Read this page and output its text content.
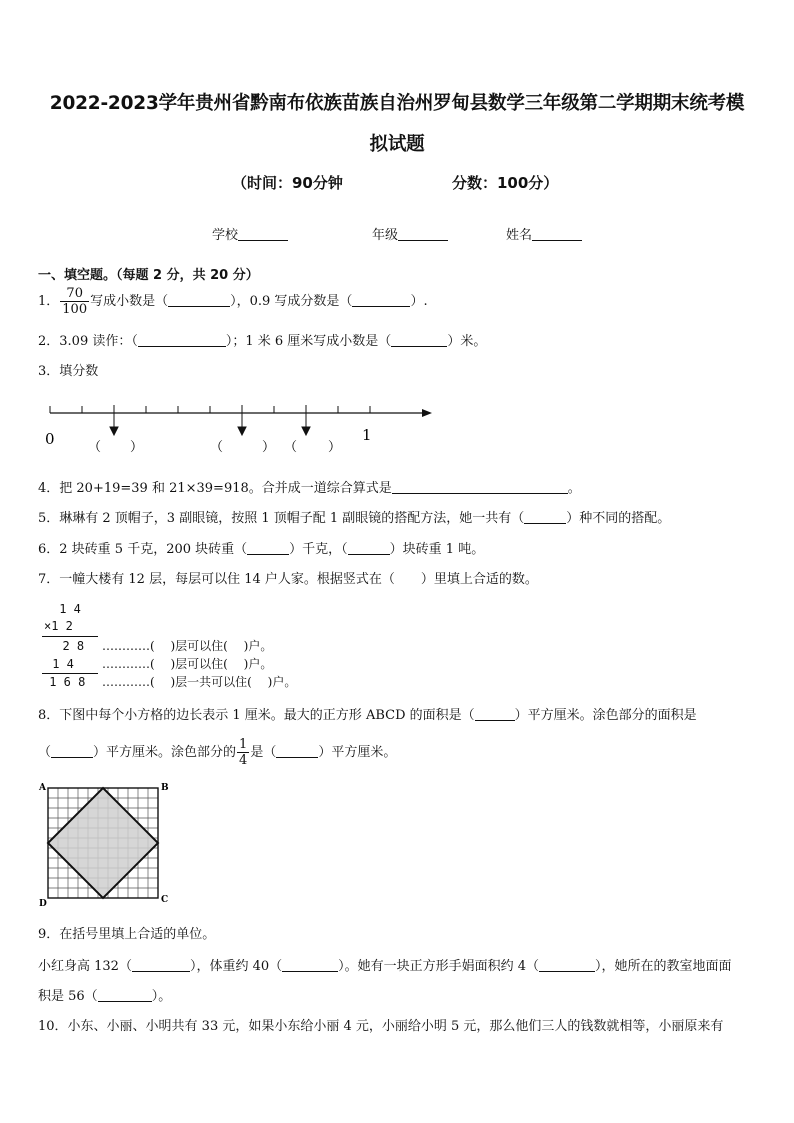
2022-2023学年贵州省黔南布依族苗族自治州罗甸县数学三年级第二学期期末统考模
拟试题
（时间：90分钟	分数：100分）
学校	年级	姓名
一、填空题。（每题 2 分，共 20 分）
1． $\frac{70}{100}$ 写成小数是（	），0.9 写成分数是（	）.
2．3.09 读作：（	）；1 米 6 厘米写成小数是（	）米。
3．填分数
0	1
（ ）	（	） （ ）
4．把 20+19=39 和 21×39=918。合并成一道综合算式是	。
5．琳琳有 2 顶帽子，3 副眼镜，按照 1 顶帽子配 1 副眼镜的搭配方法，她一共有（	）种不同的搭配。
6．2 块砖重 5 千克，200 块砖重（	）千克，（	）块砖重 1 吨。
7．一幢大楼有 12 层，每层可以住 14 户人家。根据竖式在（　　）里填上合适的数。
1 4
×1 2
2 8
1 4
1 6 8
…………(　 )层可以住(　 )户。
…………(　 )层可以住(　 )户。
…………(　 )层一共可以住(　 )户。
8．下图中每个小方格的边长表示 1 厘米。最大的正方形 ABCD 的面积是（	）平方厘米。涂色部分的面积是
（	）平方厘米。涂色部分的 $\frac{1}{4}$ 是（	）平方厘米。
A	B
C
D
9．在括号里填上合适的单位。
小红身高 132（	），体重约 40（	）。她有一块正方形手娟面积约 4（	），她所在的教室地面面
积是 56（	）。
10．小东、小丽、小明共有 33 元，如果小东给小丽 4 元，小丽给小明 5 元，那么他们三人的钱数就相等，小丽原来有
